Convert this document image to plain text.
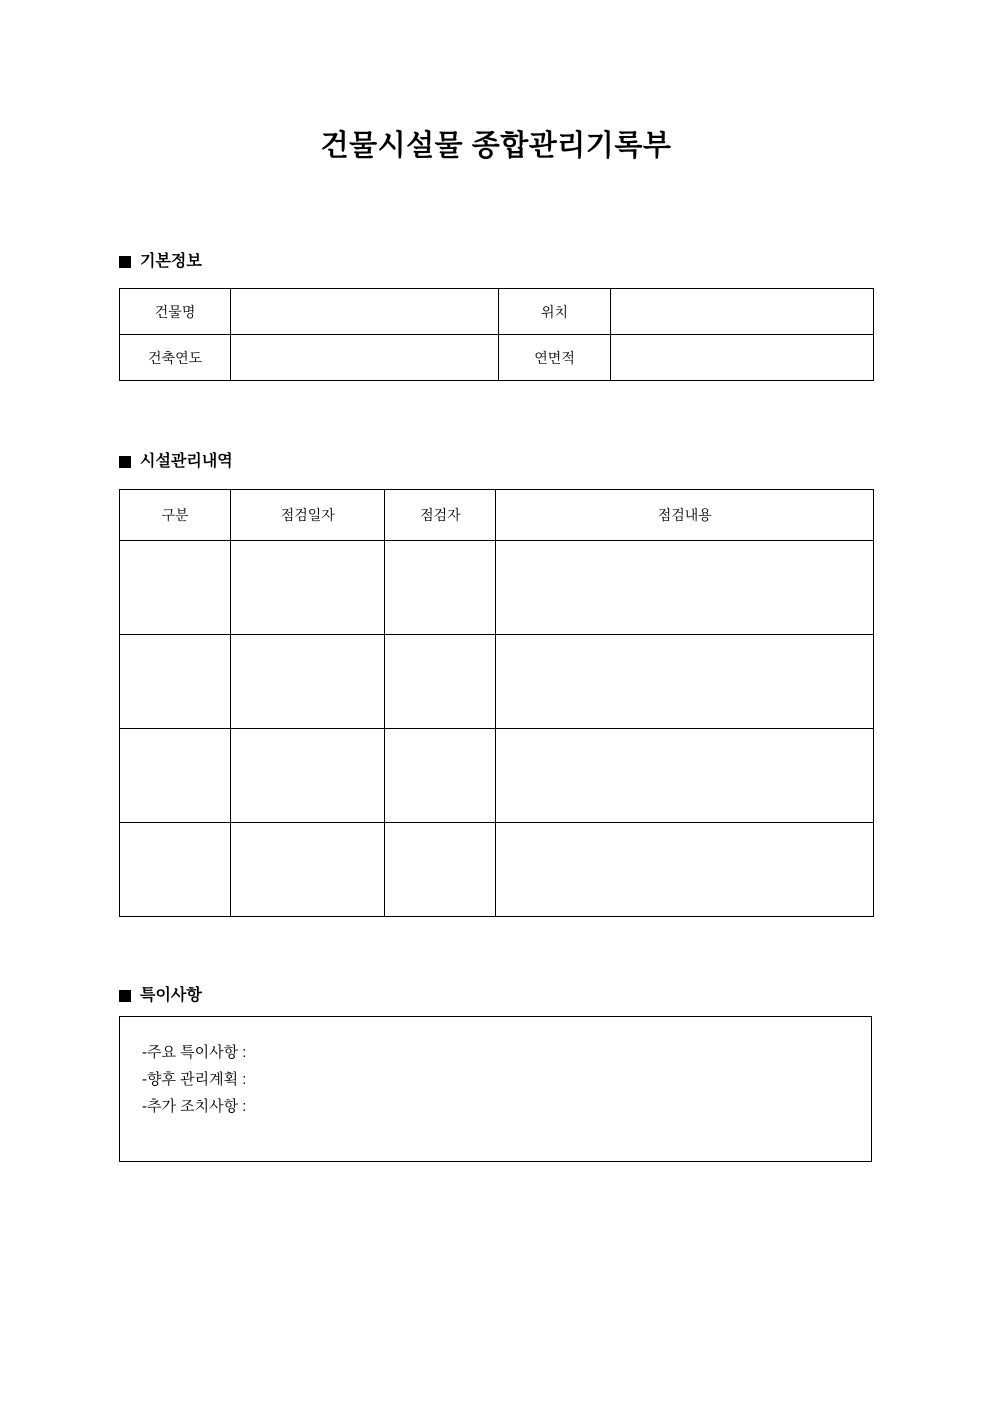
건물시설물 종합관리기록부
기본정보
건물명		위치	
건축연도		연면적	
시설관리내역
구분	점검일자	점검자	점검내용

특이사항
-주요 특이사항 :
-향후 관리계획 :
-추가 조치사항 :
